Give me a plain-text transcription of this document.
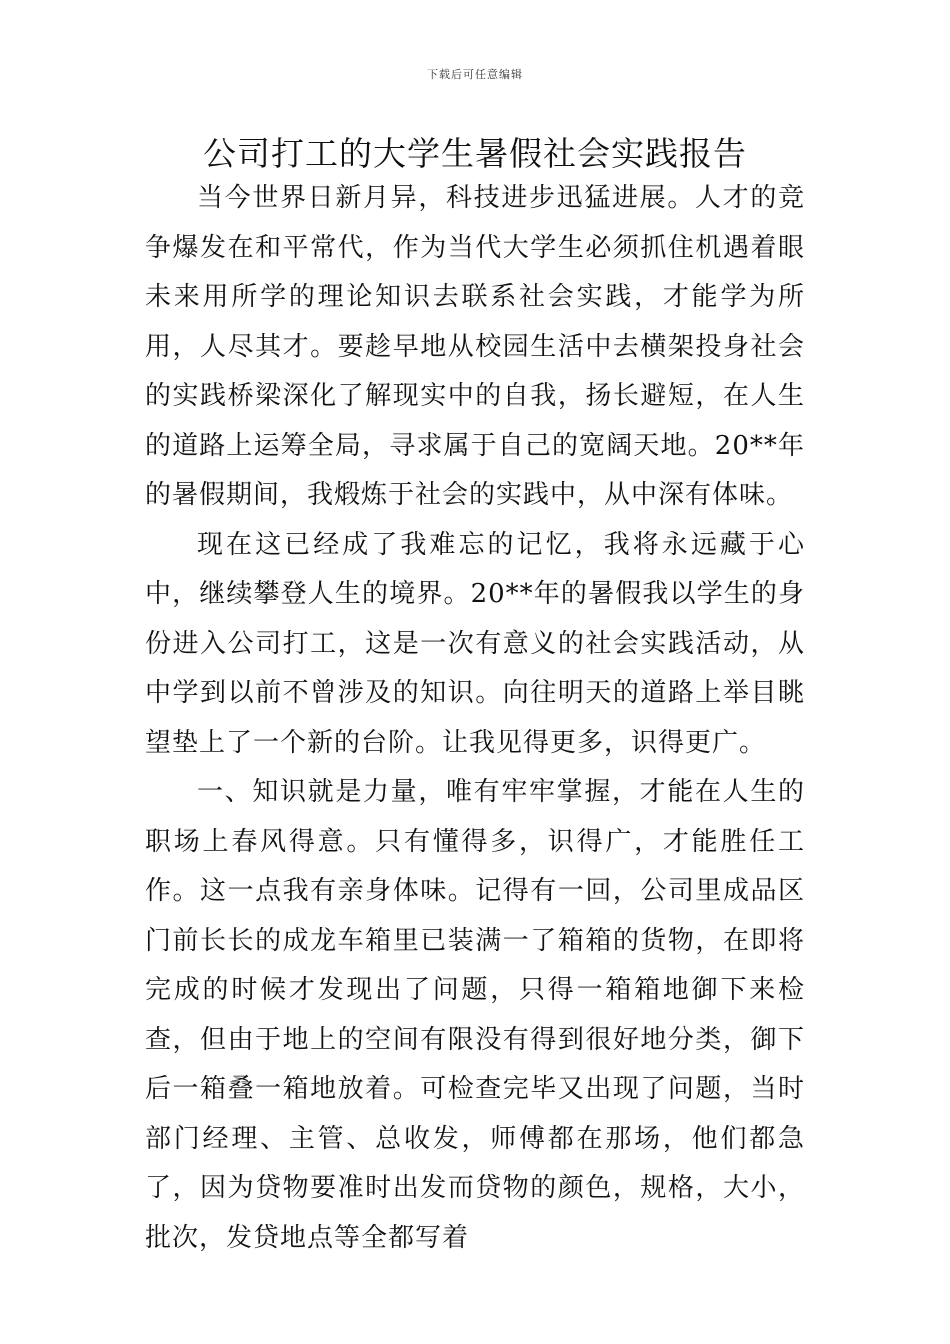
下载后可任意编辑
公司打工的大学生暑假社会实践报告

当今世界日新月异，科技进步迅猛进展。人才的竞争爆发在和平常代，作为当代大学生必须抓住机遇着眼未来用所学的理论知识去联系社会实践，才能学为所用，人尽其才。要趁早地从校园生活中去横架投身社会的实践桥梁深化了解现实中的自我，扬长避短，在人生的道路上运筹全局，寻求属于自己的宽阔天地。20**年的暑假期间，我煅炼于社会的实践中，从中深有体味。

现在这已经成了我难忘的记忆，我将永远藏于心中，继续攀登人生的境界。20**年的暑假我以学生的身份进入公司打工，这是一次有意义的社会实践活动，从中学到以前不曾涉及的知识。向往明天的道路上举目眺望垫上了一个新的台阶。让我见得更多，识得更广。

一、知识就是力量，唯有牢牢掌握，才能在人生的职场上春风得意。只有懂得多，识得广，才能胜任工作。这一点我有亲身体味。记得有一回，公司里成品区门前长长的成龙车箱里已装满一了箱箱的货物，在即将完成的时候才发现出了问题，只得一箱箱地御下来检查，但由于地上的空间有限没有得到很好地分类，御下后一箱叠一箱地放着。可检查完毕又出现了问题，当时部门经理、主管、总收发，师傅都在那场，他们都急了，因为贷物要准时出发而贷物的颜色，规格，大小，批次，发贷地点等全都写着
